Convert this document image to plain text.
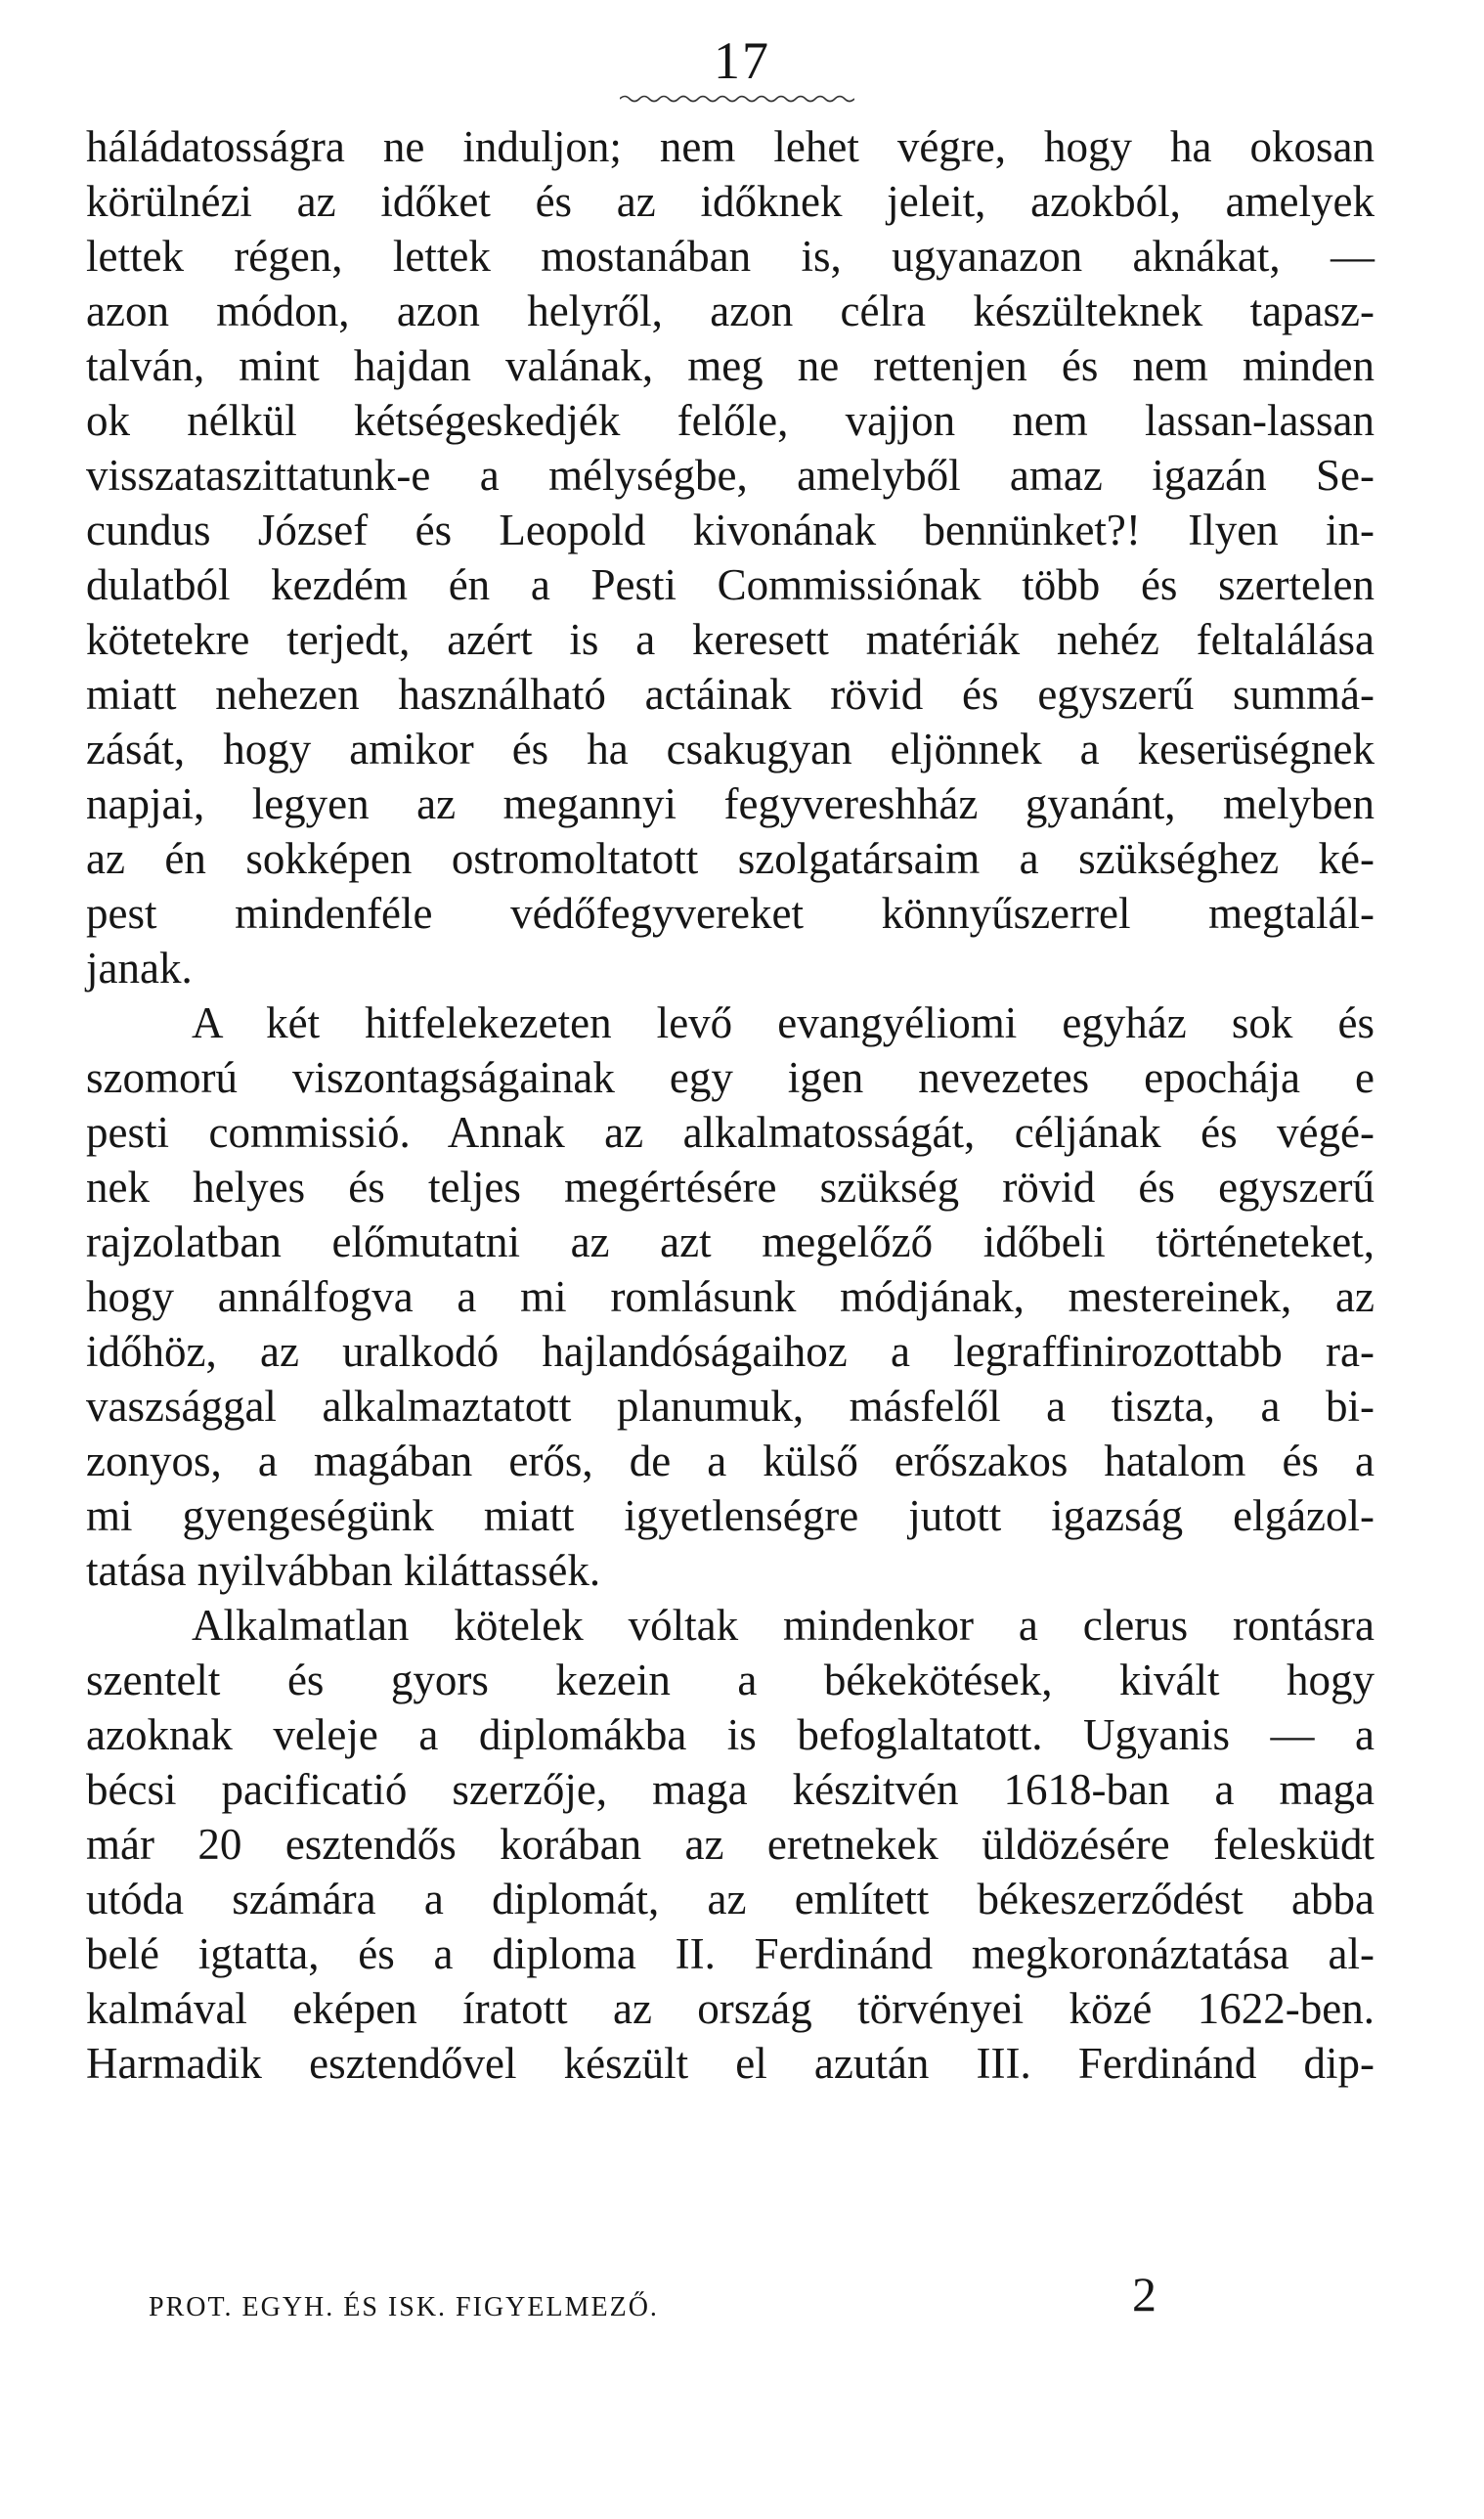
17
háládatosságra ne induljon; nem lehet végre, hogy ha okosan
körülnézi az időket és az időknek jeleit, azokból, amelyek
lettek régen, lettek mostanában is, ugyanazon aknákat, —
azon módon, azon helyről, azon célra készülteknek tapasz-
talván, mint hajdan valának, meg ne rettenjen és nem minden
ok nélkül kétségeskedjék felőle, vajjon nem lassan-lassan
visszataszittatunk-e a mélységbe, amelyből amaz igazán Se-
cundus József és Leopold kivonának bennünket?! Ilyen in-
dulatból kezdém én a Pesti Commissiónak több és szertelen
kötetekre terjedt, azért is a keresett matériák nehéz feltalálása
miatt nehezen használható actáinak rövid és egyszerű summá-
zását, hogy amikor és ha csakugyan eljönnek a keserüségnek
napjai, legyen az megannyi fegyvereshház gyanánt, melyben
az én sokképen ostromoltatott szolgatársaim a szükséghez ké-
pest mindenféle védőfegyvereket könnyűszerrel megtalál-
janak.
A két hitfelekezeten levő evangyéliomi egyház sok és
szomorú viszontagságainak egy igen nevezetes epochája e
pesti commissió. Annak az alkalmatosságát, céljának és végé-
nek helyes és teljes megértésére szükség rövid és egyszerű
rajzolatban előmutatni az azt megelőző időbeli történeteket,
hogy annálfogva a mi romlásunk módjának, mestereinek, az
időhöz, az uralkodó hajlandóságaihoz a legraffinirozottabb ra-
vaszsággal alkalmaztatott planumuk, másfelől a tiszta, a bi-
zonyos, a magában erős, de a külső erőszakos hatalom és a
mi gyengeségünk miatt igyetlenségre jutott igazság elgázol-
tatása nyilvábban kiláttassék.
Alkalmatlan kötelek vóltak mindenkor a clerus rontásra
szentelt és gyors kezein a békekötések, kivált hogy
azoknak veleje a diplomákba is befoglaltatott. Ugyanis — a
bécsi pacificatió szerzője, maga készitvén 1618-ban a maga
már 20 esztendős korában az eretnekek üldözésére felesküdt
utóda számára a diplomát, az említett békeszerződést abba
belé igtatta, és a diploma II. Ferdinánd megkoronáztatása al-
kalmával eképen íratott az ország törvényei közé 1622-ben.
Harmadik esztendővel készült el azután III. Ferdinánd dip-
PROT. EGYH. ÉS ISK. FIGYELMEZŐ.	2
